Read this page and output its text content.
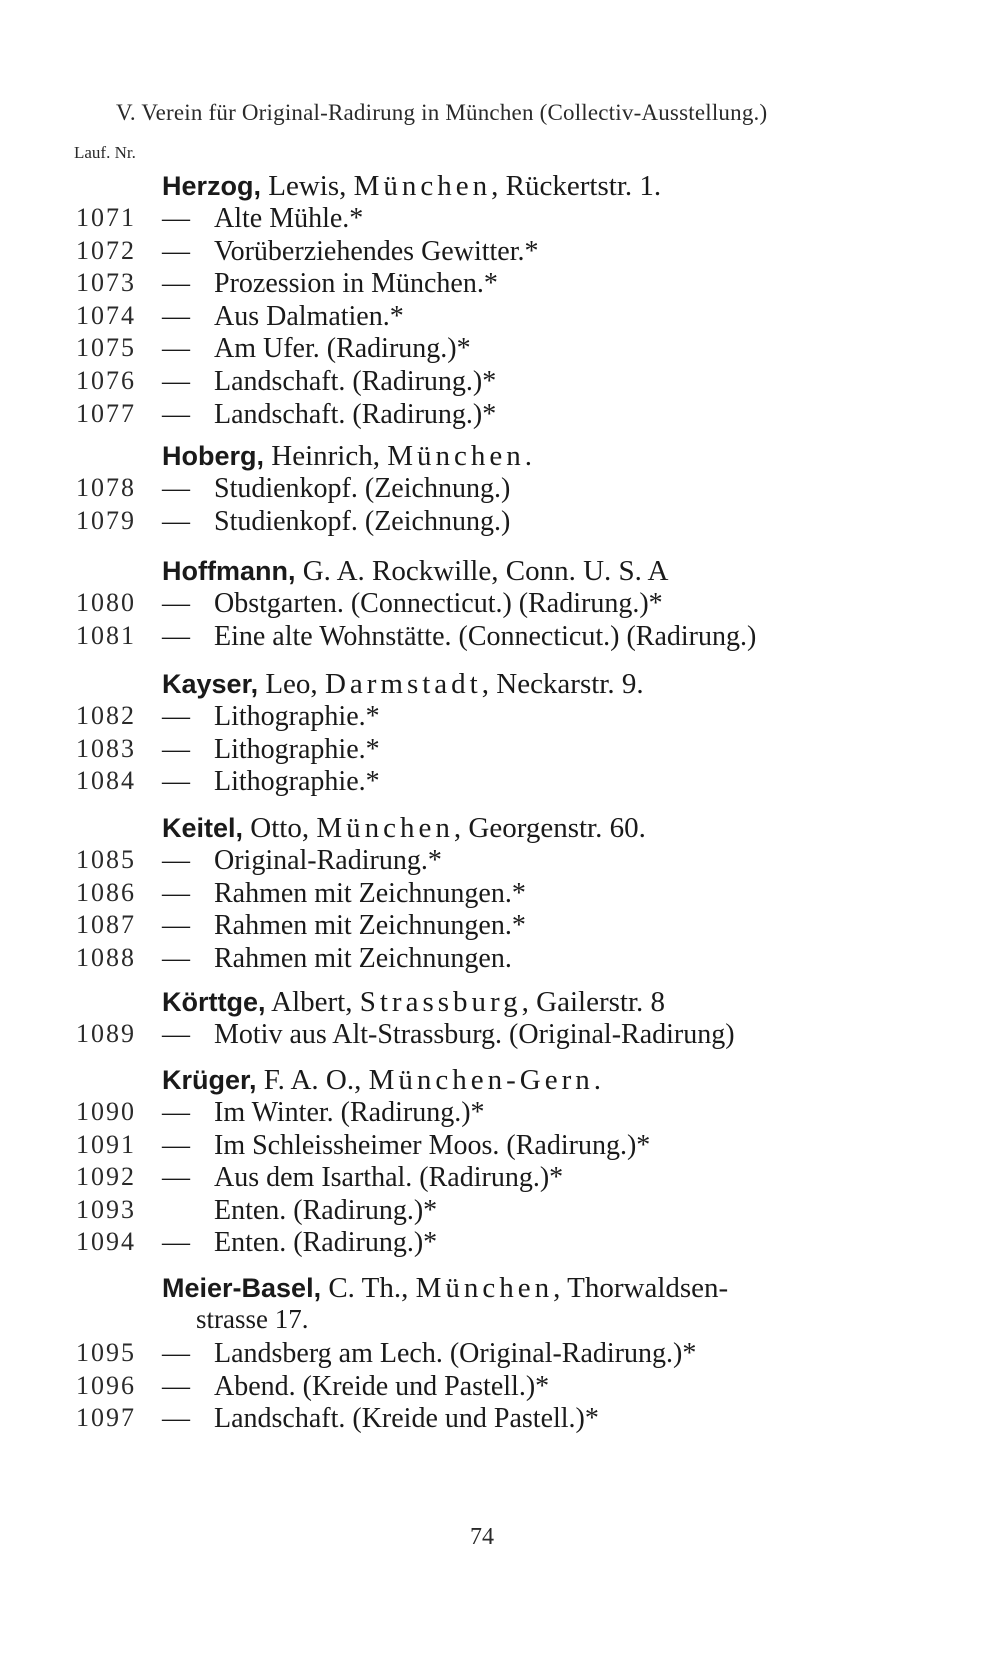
V. Verein für Original-Radirung in München (Collectiv-Ausstellung.)
Lauf. Nr.
Herzog, Lewis, München, Rückertstr. 1.
1071 — Alte Mühle.*
1072 — Vorüberziehendes Gewitter.*
1073 — Prozession in München.*
1074 — Aus Dalmatien.*
1075 — Am Ufer. (Radirung.)*
1076 — Landschaft. (Radirung.)*
1077 — Landschaft. (Radirung.)*
Hoberg, Heinrich, München.
1078 — Studienkopf. (Zeichnung.)
1079 — Studienkopf. (Zeichnung.)
Hoffmann, G. A. Rockwille, Conn. U. S. A
1080 — Obstgarten. (Connecticut.) (Radirung.)*
1081 — Eine alte Wohnstätte. (Connecticut.) (Radirung.)
Kayser, Leo, Darmstadt, Neckarstr. 9.
1082 — Lithographie.*
1083 — Lithographie.*
1084 — Lithographie.*
Keitel, Otto, München, Georgenstr. 60.
1085 — Original-Radirung.*
1086 — Rahmen mit Zeichnungen.*
1087 — Rahmen mit Zeichnungen.*
1088 — Rahmen mit Zeichnungen.
Körttge, Albert, Strassburg, Gailerstr. 8
1089 — Motiv aus Alt-Strassburg. (Original-Radirung)
Krüger, F. A. O., München-Gern.
1090 — Im Winter. (Radirung.)*
1091 — Im Schleissheimer Moos. (Radirung.)*
1092 — Aus dem Isarthal. (Radirung.)*
1093	Enten. (Radirung.)*
1094 — Enten. (Radirung.)*
Meier-Basel, C. Th., München, Thorwaldsen-
strasse 17.
1095 — Landsberg am Lech. (Original-Radirung.)*
1096 — Abend. (Kreide und Pastell.)*
1097 — Landschaft. (Kreide und Pastell.)*
74
